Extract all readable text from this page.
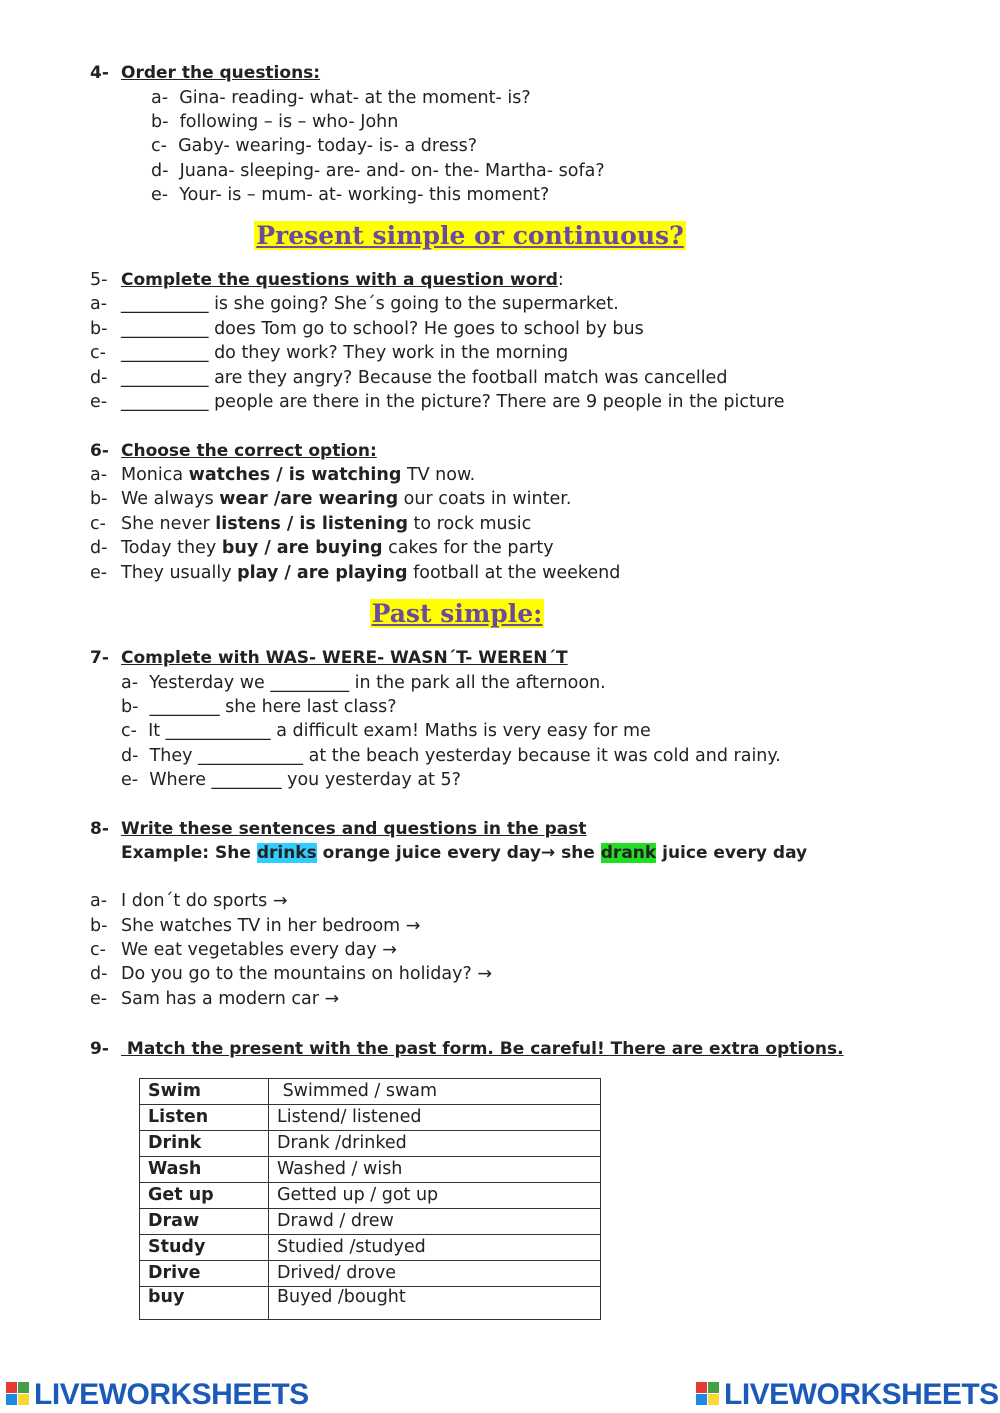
4- Order the questions:
a- Gina- reading- what- at the moment- is?
b- following – is – who- John
c- Gaby- wearing- today- is- a dress?
d- Juana- sleeping- are- and- on- the- Martha- sofa?
e- Your- is – mum- at- working- this moment?
Present simple or continuous?
5- Complete the questions with a question word:
a- __________ is she going? She´s going to the supermarket.
b- __________ does Tom go to school? He goes to school by bus
c- __________ do they work? They work in the morning
d- __________ are they angry? Because the football match was cancelled
e- __________ people are there in the picture? There are 9 people in the picture
6- Choose the correct option:
a- Monica watches / is watching TV now.
b- We always wear /are wearing our coats in winter.
c- She never listens / is listening to rock music
d- Today they buy / are buying cakes for the party
e- They usually play / are playing football at the weekend
Past simple:
7- Complete with WAS- WERE- WASN´T- WEREN´T
a- Yesterday we _________ in the park all the afternoon.
b- ________ she here last class?
c- It ____________ a difficult exam! Maths is very easy for me
d- They ____________ at the beach yesterday because it was cold and rainy.
e- Where ________ you yesterday at 5?
8- Write these sentences and questions in the past
Example: She drinks orange juice every day→ she drank juice every day
a- I don´t do sports →
b- She watches TV in her bedroom →
c- We eat vegetables every day →
d- Do you go to the mountains on holiday? →
e- Sam has a modern car →
9- Match the present with the past form. Be careful! There are extra options.
Swim	Swimmed / swam
Listen	Listend/ listened
Drink	Drank /drinked
Wash	Washed / wish
Get up	Getted up / got up
Draw	Drawd / drew
Study	Studied /studyed
Drive	Drived/ drove
buy	Buyed /bought
LIVEWORKSHEETS	LIVEWORKSHEETS
